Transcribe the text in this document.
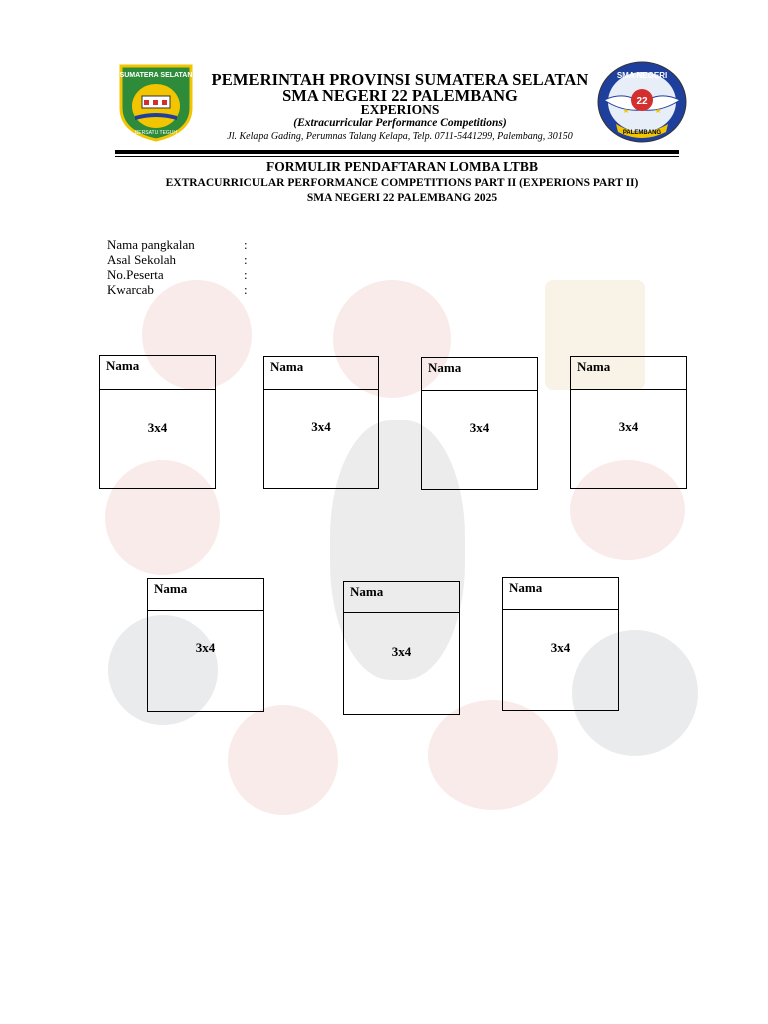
SUMATERA SELATAN
BERSATU TEGUH
22
SMA NEGERI
PALEMBANG
PEMERINTAH PROVINSI SUMATERA SELATAN
SMA NEGERI 22 PALEMBANG
EXPERIONS
(Extracurricular Performance Competitions)
Jl. Kelapa Gading, Perumnas Talang Kelapa, Telp. 0711-5441299, Palembang, 30150
FORMULIR PENDAFTARAN LOMBA LTBB
EXTRACURRICULAR PERFORMANCE COMPETITIONS PART II (EXPERIONS PART II)
SMA NEGERI 22 PALEMBANG 2025
Nama pangkalan	:
Asal Sekolah	:
No.Peserta	:
Kwarcab	:
Nama
3x4
Nama
3x4
Nama
3x4
Nama
3x4
Nama
3x4
Nama
3x4
Nama
3x4
